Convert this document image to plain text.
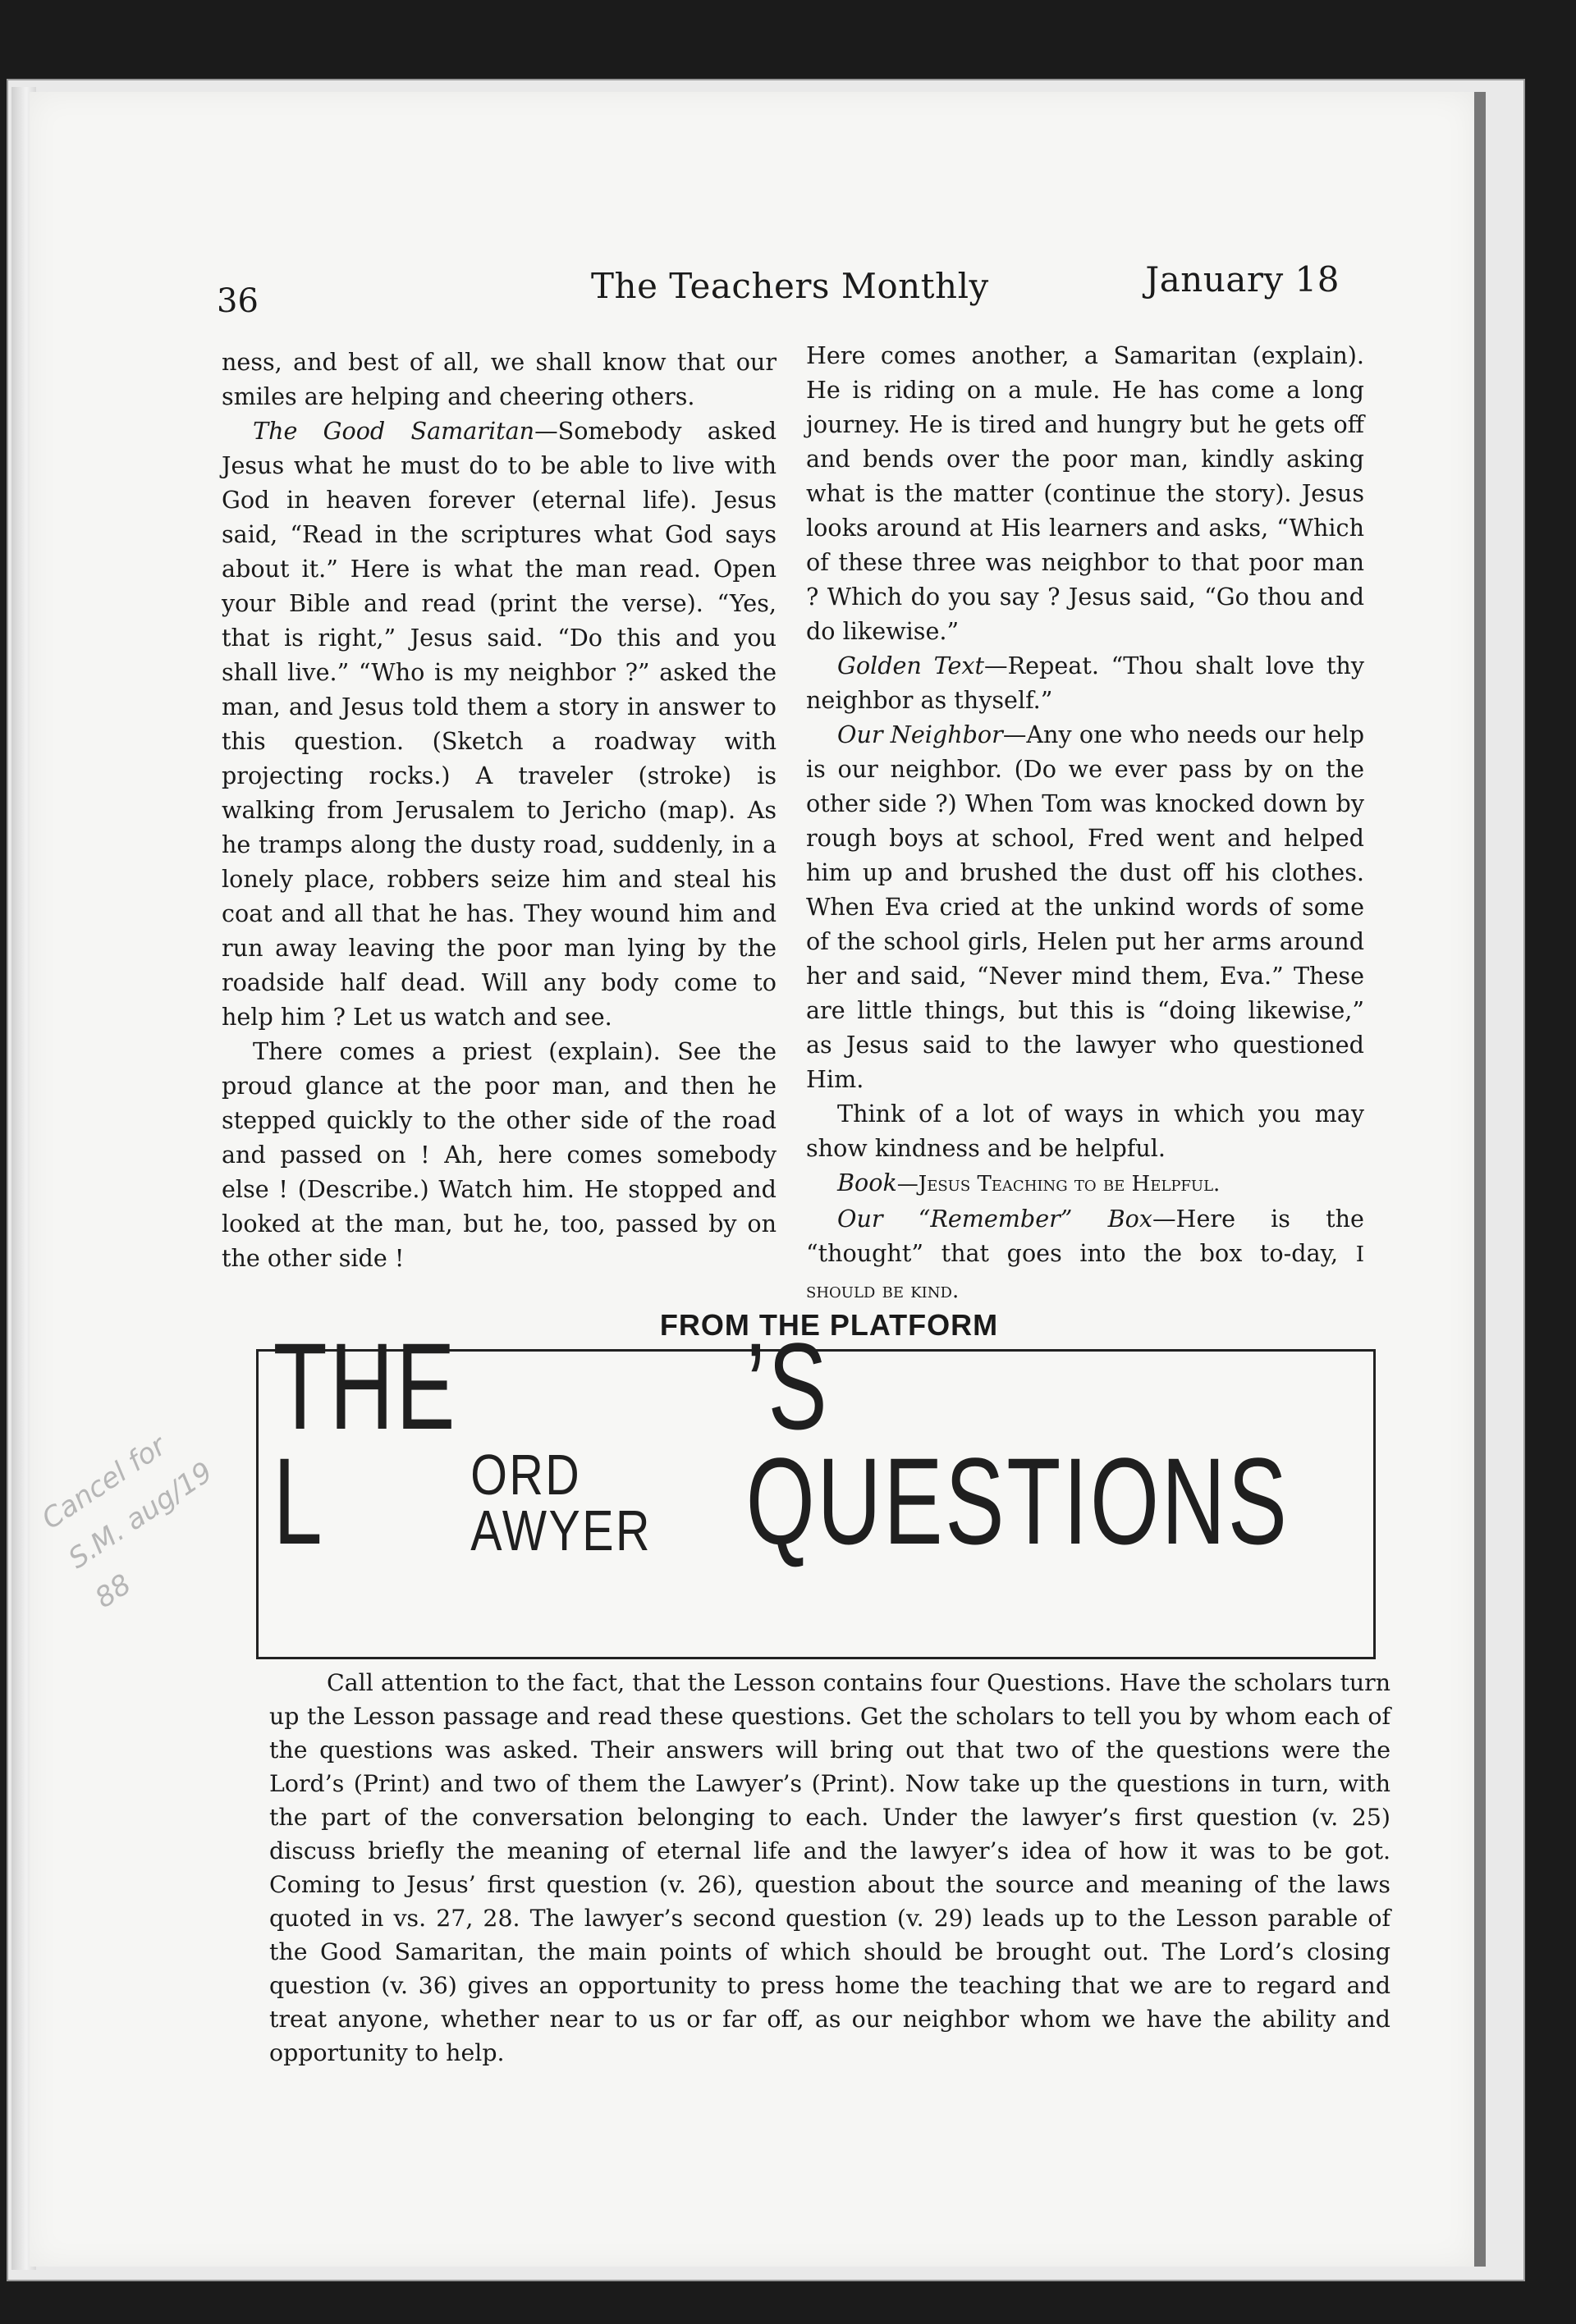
36	The Teachers Monthly	January 18

ness, and best of all, we shall know that our smiles are helping and cheering others.

The Good Samaritan—Somebody asked Jesus what he must do to be able to live with God in heaven forever (eternal life). Jesus said, “Read in the scriptures what God says about it.” Here is what the man read. Open your Bible and read (print the verse). “Yes, that is right,” Jesus said. “Do this and you shall live.” “Who is my neighbor ?” asked the man, and Jesus told them a story in answer to this question. (Sketch a roadway with projecting rocks.) A traveler (stroke) is walking from Jerusalem to Jericho (map). As he tramps along the dusty road, suddenly, in a lonely place, robbers seize him and steal his coat and all that he has. They wound him and run away leaving the poor man lying by the roadside half dead. Will any body come to help him ? Let us watch and see.

There comes a priest (explain). See the proud glance at the poor man, and then he stepped quickly to the other side of the road and passed on ! Ah, here comes somebody else ! (Describe.) Watch him. He stopped and looked at the man, but he, too, passed by on the other side !

Here comes another, a Samaritan (explain). He is riding on a mule. He has come a long journey. He is tired and hungry but he gets off and bends over the poor man, kindly asking what is the matter (continue the story). Jesus looks around at His learners and asks, “Which of these three was neighbor to that poor man ? Which do you say ? Jesus said, “Go thou and do likewise.”

Golden Text—Repeat. “Thou shalt love thy neighbor as thyself.”

Our Neighbor—Any one who needs our help is our neighbor. (Do we ever pass by on the other side ?) When Tom was knocked down by rough boys at school, Fred went and helped him up and brushed the dust off his clothes. When Eva cried at the unkind words of some of the school girls, Helen put her arms around her and said, “Never mind them, Eva.” These are little things, but this is “doing likewise,” as Jesus said to the lawyer who questioned Him.

Think of a lot of ways in which you may show kindness and be helpful.

Book—Jesus Teaching to be Helpful.

Our “Remember” Box—Here is the “thought” that goes into the box to-day, I should be kind.

FROM THE PLATFORM
THE L	ORD
AWYER
’S QUESTIONS

Call attention to the fact, that the Lesson contains four Questions. Have the scholars turn up the Lesson passage and read these questions. Get the scholars to tell you by whom each of the questions was asked. Their answers will bring out that two of the questions were the Lord’s (Print) and two of them the Lawyer’s (Print). Now take up the questions in turn, with the part of the conversation belonging to each. Under the lawyer’s first question (v. 25) discuss briefly the meaning of eternal life and the lawyer’s idea of how it was to be got. Coming to Jesus’ first question (v. 26), question about the source and meaning of the laws quoted in vs. 27, 28. The lawyer’s second question (v. 29) leads up to the Lesson parable of the Good Samaritan, the main points of which should be brought out. The Lord’s closing question (v. 36) gives an opportunity to press home the teaching that we are to regard and treat anyone, whether near to us or far off, as our neighbor whom we have the ability and opportunity to help.

Cancel for S.M. aug/19 88
